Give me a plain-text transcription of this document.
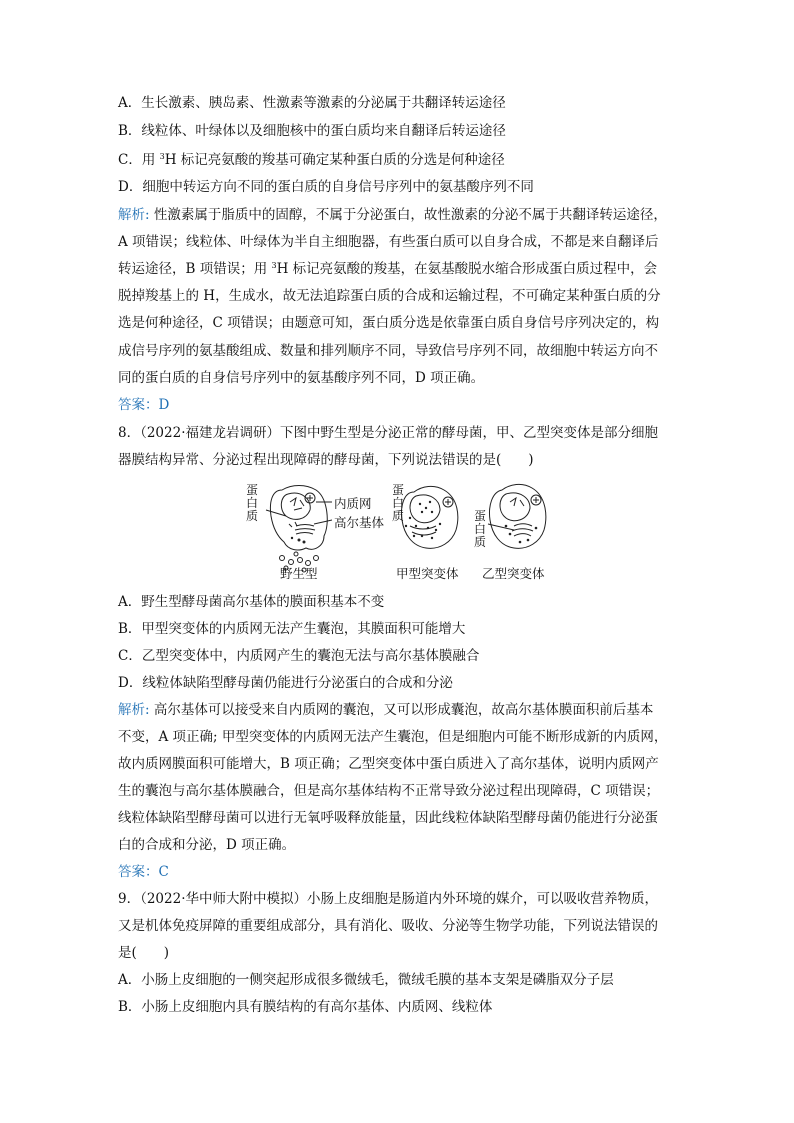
A．生长激素、胰岛素、性激素等激素的分泌属于共翻译转运途径
B．线粒体、叶绿体以及细胞核中的蛋白质均来自翻译后转运途径
C．用 $^3$H 标记亮氨酸的羧基可确定某种蛋白质的分选是何种途径
D．细胞中转运方向不同的蛋白质的自身信号序列中的氨基酸序列不同
解析: 性激素属于脂质中的固醇，不属于分泌蛋白，故性激素的分泌不属于共翻译转运途径，
A 项错误；线粒体、叶绿体为半自主细胞器，有些蛋白质可以自身合成，不都是来自翻译后
转运途径，B 项错误；用 $^3$H 标记亮氨酸的羧基，在氨基酸脱水缩合形成蛋白质过程中，会
脱掉羧基上的 H，生成水，故无法追踪蛋白质的合成和运输过程，不可确定某种蛋白质的分
选是何种途径，C 项错误；由题意可知，蛋白质分选是依靠蛋白质自身信号序列决定的，构
成信号序列的氨基酸组成、数量和排列顺序不同，导致信号序列不同，故细胞中转运方向不
同的蛋白质的自身信号序列中的氨基酸序列不同，D 项正确。
答案：D
8．（2022·福建龙岩调研）下图中野生型是分泌正常的酵母菌，甲、乙型突变体是部分细胞
器膜结构异常、分泌过程出现障碍的酵母菌，下列说法错误的是(　　)
蛋白质
内质网
高尔基体
蛋白质	蛋白质
野生型	甲型突变体 乙型突变体
A．野生型酵母菌高尔基体的膜面积基本不变
B．甲型突变体的内质网无法产生囊泡，其膜面积可能增大
C．乙型突变体中，内质网产生的囊泡无法与高尔基体膜融合
D．线粒体缺陷型酵母菌仍能进行分泌蛋白的合成和分泌
解析: 高尔基体可以接受来自内质网的囊泡，又可以形成囊泡，故高尔基体膜面积前后基本
不变，A 项正确; 甲型突变体的内质网无法产生囊泡，但是细胞内可能不断形成新的内质网，
故内质网膜面积可能增大，B 项正确；乙型突变体中蛋白质进入了高尔基体，说明内质网产
生的囊泡与高尔基体膜融合，但是高尔基体结构不正常导致分泌过程出现障碍，C 项错误；
线粒体缺陷型酵母菌可以进行无氧呼吸释放能量，因此线粒体缺陷型酵母菌仍能进行分泌蛋
白的合成和分泌，D 项正确。
答案：C
9．（2022·华中师大附中模拟）小肠上皮细胞是肠道内外环境的媒介，可以吸收营养物质，
又是机体免疫屏障的重要组成部分，具有消化、吸收、分泌等生物学功能，下列说法错误的
是(　　)
A．小肠上皮细胞的一侧突起形成很多微绒毛，微绒毛膜的基本支架是磷脂双分子层
B．小肠上皮细胞内具有膜结构的有高尔基体、内质网、线粒体
